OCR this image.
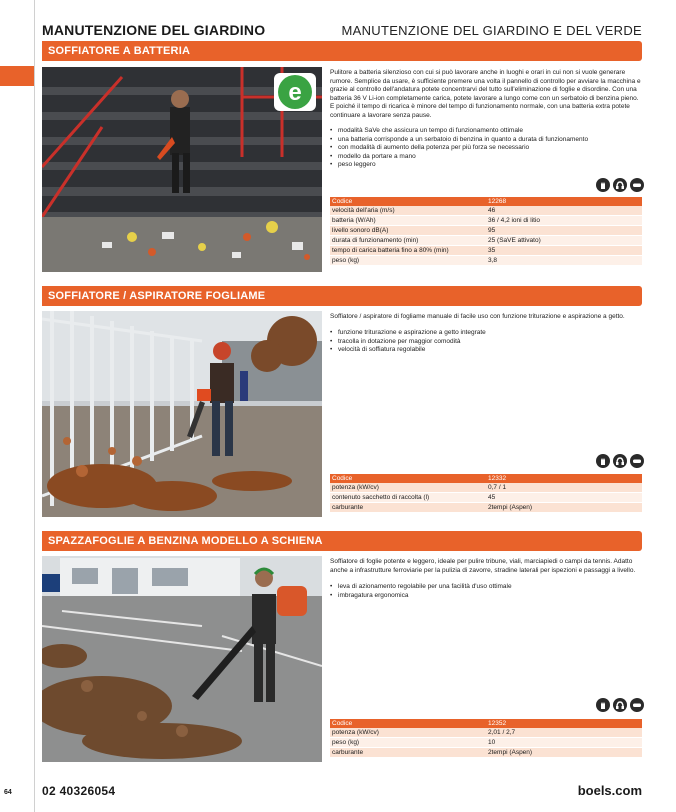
MANUTENZIONE DEL GIARDINO	MANUTENZIONE DEL GIARDINO E DEL VERDE
SOFFIATORE A BATTERIA
e
Pulitore a batteria silenzioso con cui si può lavorare anche in luoghi e orari in cui non si vuole generare rumore. Semplice da usare, è sufficiente premere una volta il pannello di controllo per avviare la macchina e grazie al controllo dell'andatura potete concentrarvi del tutto sull'eliminazione di foglie e disordine. Con una batteria 36 V Li-ion completamente carica, potete lavorare a lungo come con un serbatoio di benzina pieno. E poiché il tempo di ricarica è minore del tempo di funzionamento normale, con una batteria extra potete continuare a lavorare senza pause.
• modalità SaVe che assicura un tempo di funzionamento ottimale
• una batteria corrisponde a un serbatoio di benzina in quanto a durata di funzionamento
• con modalità di aumento della potenza per più forza se necessario
• modello da portare a mano
• peso leggero
Codice	12268
velocità dell'aria (m/s)	46
batteria (W/Ah)	36 / 4,2 ioni di litio
livello sonoro dB(A)	95
durata di funzionamento (min)	25 (SaVE attivato)
tempo di carica batteria fino a 80% (min)	35
peso (kg)	3,8
SOFFIATORE / ASPIRATORE FOGLIAME
Soffiatore / aspiratore di fogliame manuale di facile uso con funzione triturazione e aspirazione a getto.
• funzione triturazione e aspirazione a getto integrate
• tracolla in dotazione per maggior comodità
• velocità di soffiatura regolabile
Codice	12332
potenza (kW/cv)	0,7 / 1
contenuto sacchetto di raccolta (l)	45
carburante	2tempi (Aspen)
SPAZZAFOGLIE A BENZINA MODELLO A SCHIENA
Soffiatore di foglie potente e leggero, ideale per pulire tribune, viali, marciapiedi o campi da tennis. Adatto anche a infrastrutture ferroviarie per la pulizia di zavorre, stradine laterali per ispezioni e passaggi a livello.
• leva di azionamento regolabile per una facilità d'uso ottimale
• imbragatura ergonomica
Codice	12352
potenza (kW/cv)	2,01 / 2,7
peso (kg)	10
carburante	2tempi (Aspen)
64	02 40326054	boels.com
